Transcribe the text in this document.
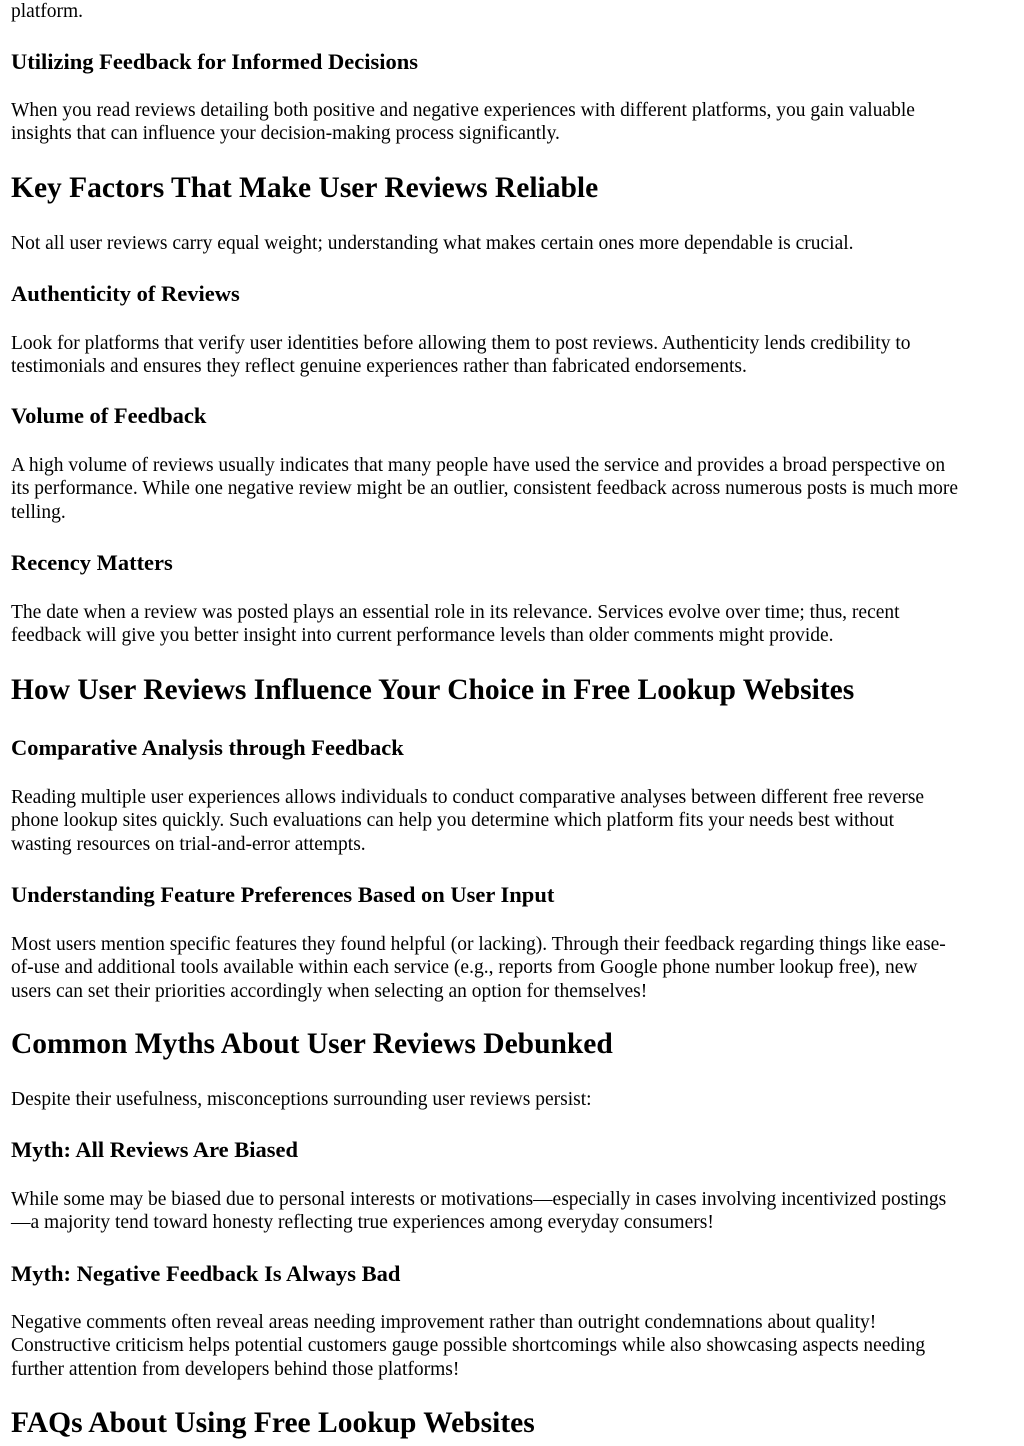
platform.

Utilizing Feedback for Informed Decisions

When you read reviews detailing both positive and negative experiences with different platforms, you gain valuable
insights that can influence your decision-making process significantly.

Key Factors That Make User Reviews Reliable

Not all user reviews carry equal weight; understanding what makes certain ones more dependable is crucial.

Authenticity of Reviews

Look for platforms that verify user identities before allowing them to post reviews. Authenticity lends credibility to
testimonials and ensures they reflect genuine experiences rather than fabricated endorsements.

Volume of Feedback

A high volume of reviews usually indicates that many people have used the service and provides a broad perspective on
its performance. While one negative review might be an outlier, consistent feedback across numerous posts is much more
telling.

Recency Matters

The date when a review was posted plays an essential role in its relevance. Services evolve over time; thus, recent
feedback will give you better insight into current performance levels than older comments might provide.

How User Reviews Influence Your Choice in Free Lookup Websites
Comparative Analysis through Feedback

Reading multiple user experiences allows individuals to conduct comparative analyses between different free reverse
phone lookup sites quickly. Such evaluations can help you determine which platform fits your needs best without
wasting resources on trial-and-error attempts.

Understanding Feature Preferences Based on User Input

Most users mention specific features they found helpful (or lacking). Through their feedback regarding things like ease-
of-use and additional tools available within each service (e.g., reports from Google phone number lookup free), new
users can set their priorities accordingly when selecting an option for themselves!

Common Myths About User Reviews Debunked

Despite their usefulness, misconceptions surrounding user reviews persist:

Myth: All Reviews Are Biased

While some may be biased due to personal interests or motivations—especially in cases involving incentivized postings
—a majority tend toward honesty reflecting true experiences among everyday consumers!

Myth: Negative Feedback Is Always Bad

Negative comments often reveal areas needing improvement rather than outright condemnations about quality!
Constructive criticism helps potential customers gauge possible shortcomings while also showcasing aspects needing
further attention from developers behind those platforms!

FAQs About Using Free Lookup Websites
